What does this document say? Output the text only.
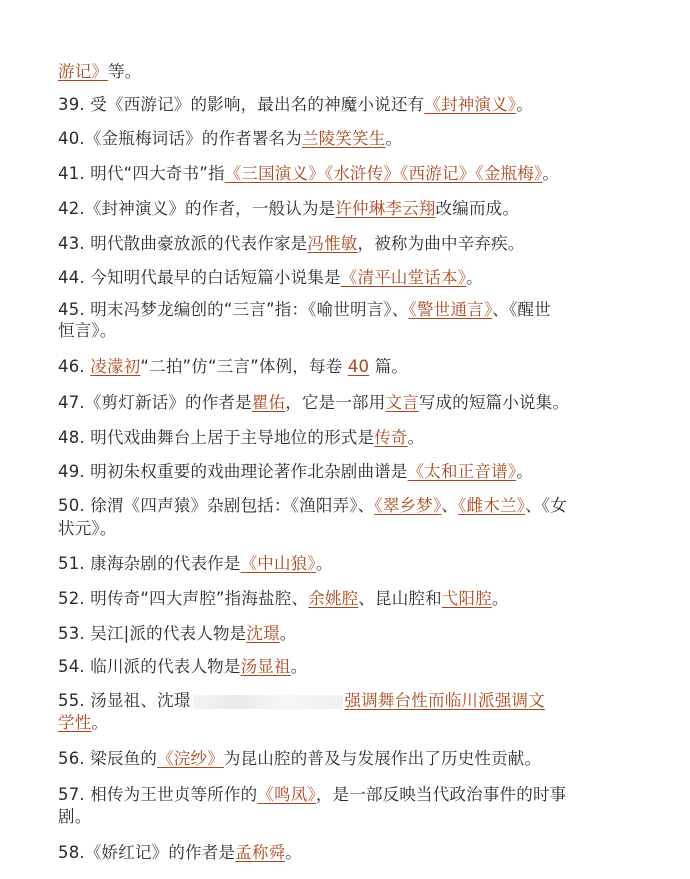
游记》等。
39. 受《西游记》的影响，最出名的神魔小说还有《封神演义》。
40.《金瓶梅词话》的作者署名为兰陵笑笑生。
41. 明代“四大奇书”指《三国演义》《水浒传》《西游记》《金瓶梅》。
42.《封神演义》的作者，一般认为是许仲琳李云翔改编而成。
43. 明代散曲豪放派的代表作家是冯惟敏，被称为曲中辛弃疾。
44. 今知明代最早的白话短篇小说集是《清平山堂话本》。
45. 明末冯梦龙编创的“三言”指：《喻世明言》、《警世通言》、《醒世
恒言》。
46. 凌濛初“二拍”仿“三言”体例，每卷 40 篇。
47.《剪灯新话》的作者是瞿佑，它是一部用文言写成的短篇小说集。
48. 明代戏曲舞台上居于主导地位的形式是传奇。
49. 明初朱权重要的戏曲理论著作北杂剧曲谱是《太和正音谱》。
50. 徐渭《四声猿》杂剧包括：《渔阳弄》、《翠乡梦》、《雌木兰》、《女
状元》。
51. 康海杂剧的代表作是《中山狼》。
52. 明传奇“四大声腔”指海盐腔、余姚腔、昆山腔和弋阳腔。
53. 吴江|派的代表人物是沈璟。
54. 临川派的代表人物是汤显祖。
55. 汤显祖、沈璟	强调舞台性而临川派强调文
学性。
56. 梁辰鱼的《浣纱》为昆山腔的普及与发展作出了历史性贡献。
57. 相传为王世贞等所作的《鸣凤》，是一部反映当代政治事件的时事
剧。
58.《娇红记》的作者是孟称舜。
